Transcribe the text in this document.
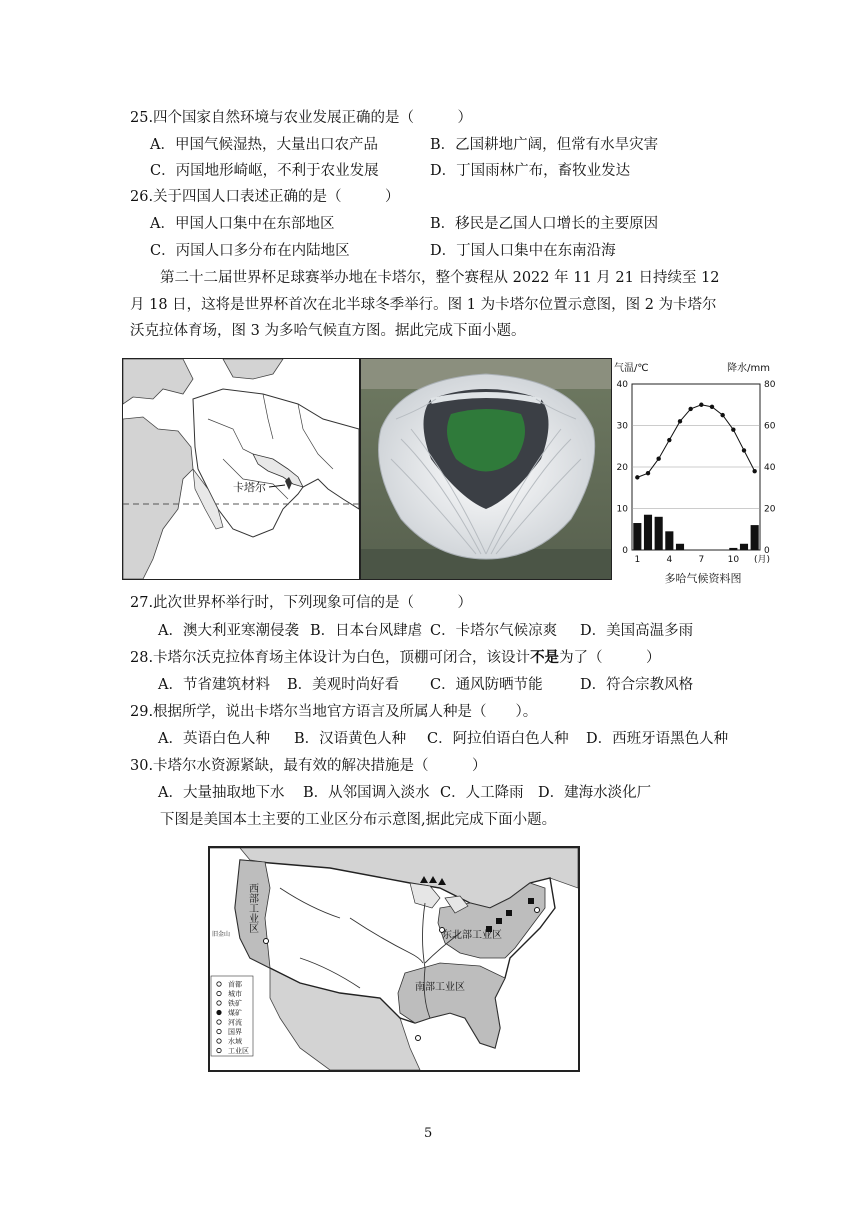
25.四个国家自然环境与农业发展正确的是（　　　）
A．甲国气候湿热，大量出口农产品	B．乙国耕地广阔，但常有水旱灾害
C．丙国地形崎岖，不利于农业发展	D．丁国雨林广布，畜牧业发达
26.关于四国人口表述正确的是（　　　）
A．甲国人口集中在东部地区	B．移民是乙国人口增长的主要原因
C．丙国人口多分布在内陆地区	D．丁国人口集中在东南沿海
第二十二届世界杯足球赛举办地在卡塔尔，整个赛程从 2022 年 11 月 21 日持续至 12
月 18 日，这将是世界杯首次在北半球冬季举行。图 1 为卡塔尔位置示意图，图 2 为卡塔尔
沃克拉体育场，图 3 为多哈气候直方图。据此完成下面小题。
卡塔尔
气温/℃	降水/mm
0
10
20
30
40
0
20
40
60
80
1	4	7	10 (月)
多哈气候资料图
27.此次世界杯举行时，下列现象可信的是（　　　）
A．澳大利亚寒潮侵袭 B．日本台风肆虐 C．卡塔尔气候凉爽 D．美国高温多雨
28.卡塔尔沃克拉体育场主体设计为白色，顶棚可闭合，该设计不是为了（　　　）
A．节省建筑材料 B．美观时尚好看 C．通风防晒节能	D．符合宗教风格
29.根据所学，说出卡塔尔当地官方语言及所属人种是（　　）。
A．英语白色人种 B．汉语黄色人种 C．阿拉伯语白色人种 D．西班牙语黑色人种
30.卡塔尔水资源紧缺，最有效的解决措施是（　　　）
A．大量抽取地下水 B．从邻国调入淡水 C．人工降雨 D．建海水淡化厂
下图是美国本土主要的工业区分布示意图,据此完成下面小题。
西部工业区
东北部工业区
南部工业区
旧金山
首都
城市
铁矿
煤矿
河流
国界
水域
工业区
5
